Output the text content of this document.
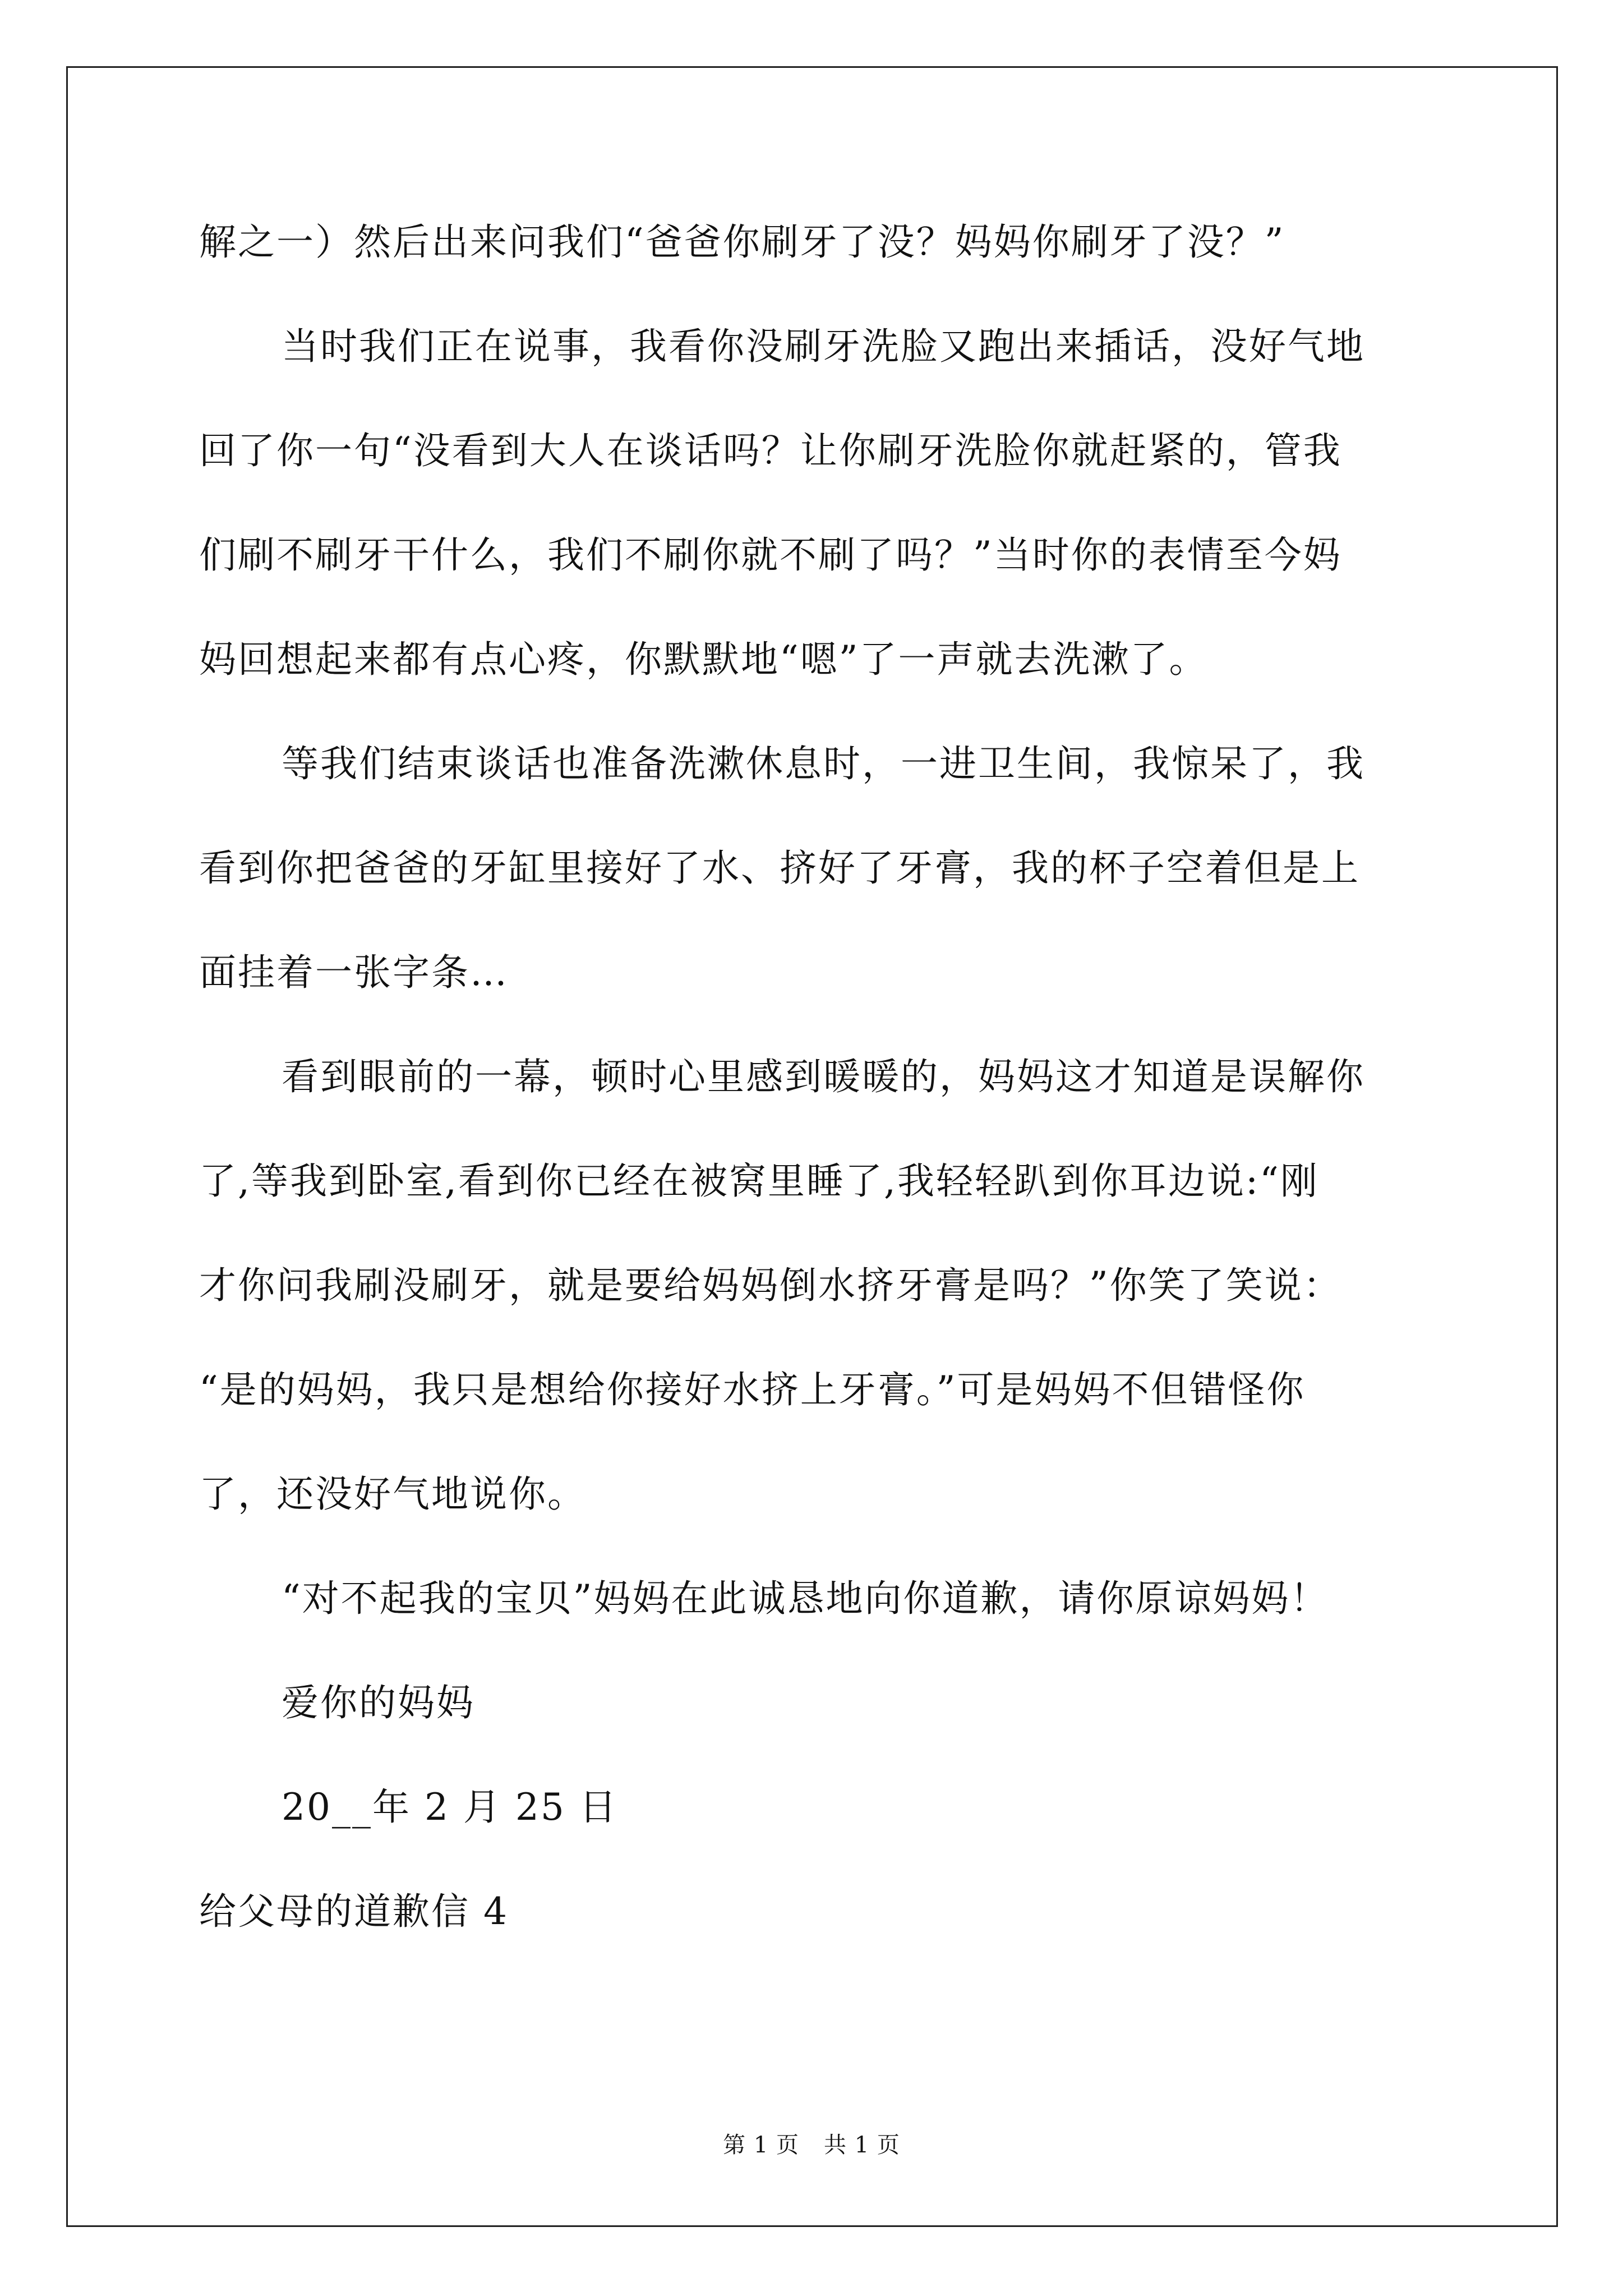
解之一）然后出来问我们“爸爸你刷牙了没？妈妈你刷牙了没？”
当时我们正在说事，我看你没刷牙洗脸又跑出来插话，没好气地
回了你一句“没看到大人在谈话吗？让你刷牙洗脸你就赶紧的，管我
们刷不刷牙干什么，我们不刷你就不刷了吗？”当时你的表情至今妈
妈回想起来都有点心疼，你默默地“嗯”了一声就去洗漱了。
等我们结束谈话也准备洗漱休息时，一进卫生间，我惊呆了，我
看到你把爸爸的牙缸里接好了水、挤好了牙膏，我的杯子空着但是上
面挂着一张字条…
看到眼前的一幕，顿时心里感到暖暖的，妈妈这才知道是误解你
了,等我到卧室,看到你已经在被窝里睡了,我轻轻趴到你耳边说:“刚
才你问我刷没刷牙，就是要给妈妈倒水挤牙膏是吗？”你笑了笑说：
“是的妈妈，我只是想给你接好水挤上牙膏。”可是妈妈不但错怪你
了，还没好气地说你。
“对不起我的宝贝”妈妈在此诚恳地向你道歉，请你原谅妈妈！
爱你的妈妈
20__年 2 月 25 日
给父母的道歉信 4
第 1 页 共 1 页
